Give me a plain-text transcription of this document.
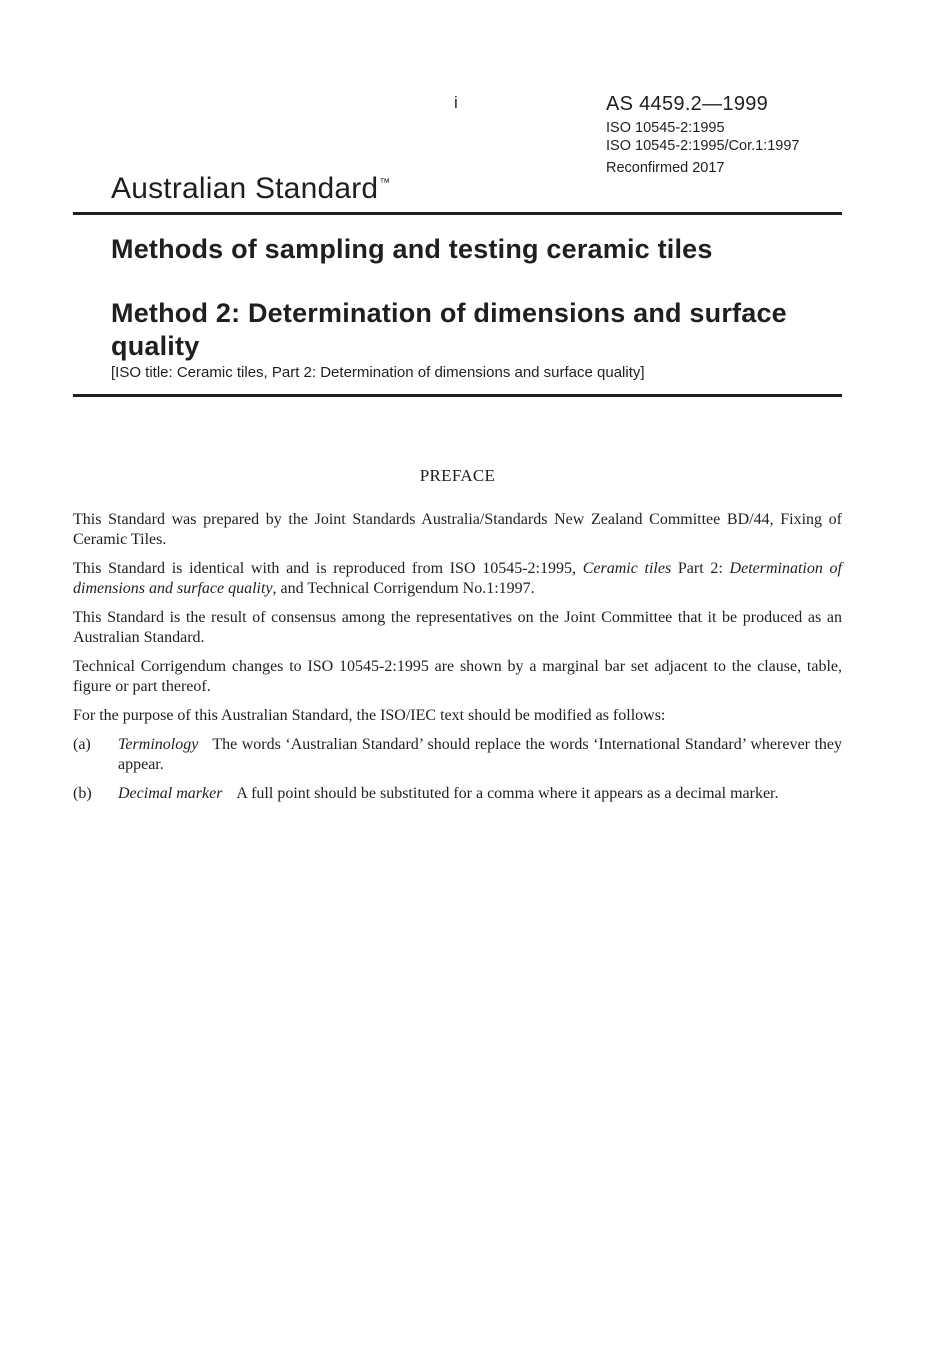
i	AS 4459.2—1999
ISO 10545-2:1995
ISO 10545-2:1995/Cor.1:1997
Reconfirmed 2017
Australian Standard™
Methods of sampling and testing ceramic tiles
Method 2: Determination of dimensions and surface quality
[ISO title: Ceramic tiles, Part 2: Determination of dimensions and surface quality]
PREFACE

This Standard was prepared by the Joint Standards Australia/Standards New Zealand Committee BD/44, Fixing of Ceramic Tiles.

This Standard is identical with and is reproduced from ISO 10545-2:1995, Ceramic tiles Part 2: Determination of dimensions and surface quality, and Technical Corrigendum No.1:1997.

This Standard is the result of consensus among the representatives on the Joint Committee that it be produced as an Australian Standard.

Technical Corrigendum changes to ISO 10545-2:1995 are shown by a marginal bar set adjacent to the clause, table, figure or part thereof.

For the purpose of this Australian Standard, the ISO/IEC text should be modified as follows:

(a) Terminology The words ‘Australian Standard’ should replace the words ‘International Standard’ wherever they appear.
(b) Decimal marker A full point should be substituted for a comma where it appears as a decimal marker.
